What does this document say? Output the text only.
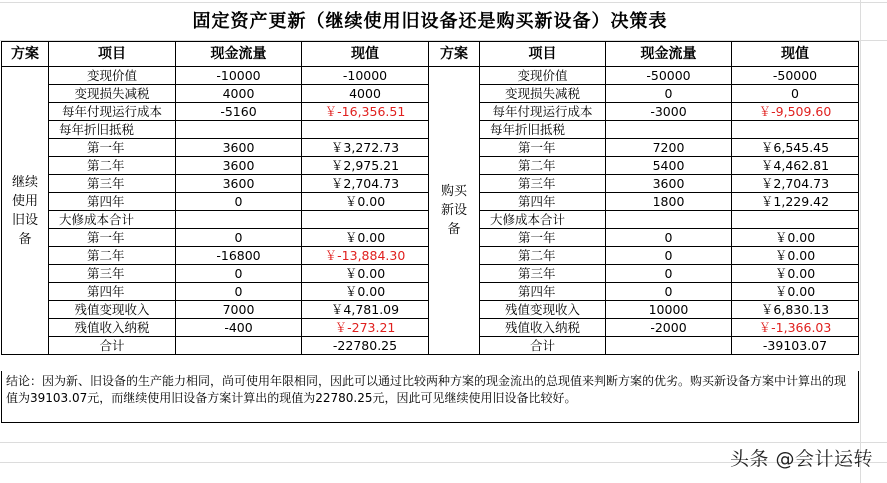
固定资产更新（继续使用旧设备还是购买新设备）决策表
方案	项目	现金流量	现值	方案	项目	现金流量	现值
继续使用旧设备	变现价值	-10000	-10000	购买新设备	变现价值	-50000	-50000
	变现损失减税	4000	4000		变现损失减税	0	0
	每年付现运行成本	-5160	￥-16,356.51		每年付现运行成本	-3000	￥-9,509.60
	每年折旧抵税				每年折旧抵税		
	第一年	3600	￥3,272.73		第一年	7200	￥6,545.45
	第二年	3600	￥2,975.21		第二年	5400	￥4,462.81
	第三年	3600	￥2,704.73		第三年	3600	￥2,704.73
	第四年	0	￥0.00		第四年	1800	￥1,229.42
	大修成本合计				大修成本合计		
	第一年	0	￥0.00		第一年	0	￥0.00
	第二年	-16800	￥-13,884.30		第二年	0	￥0.00
	第三年	0	￥0.00		第三年	0	￥0.00
	第四年	0	￥0.00		第四年	0	￥0.00
	残值变现收入	7000	￥4,781.09		残值变现收入	10000	￥6,830.13
	残值收入纳税	-400	￥-273.21		残值收入纳税	-2000	￥-1,366.03
	合计		-22780.25		合计		-39103.07
结论：因为新、旧设备的生产能力相同，尚可使用年限相同，因此可以通过比较两种方案的现金流出的总现值来判断方案的优劣。购买新设备方案中计算出的现值为39103.07元，而继续使用旧设备方案计算出的现值为22780.25元，因此可见继续使用旧设备比较好。
头条 @会计运转
